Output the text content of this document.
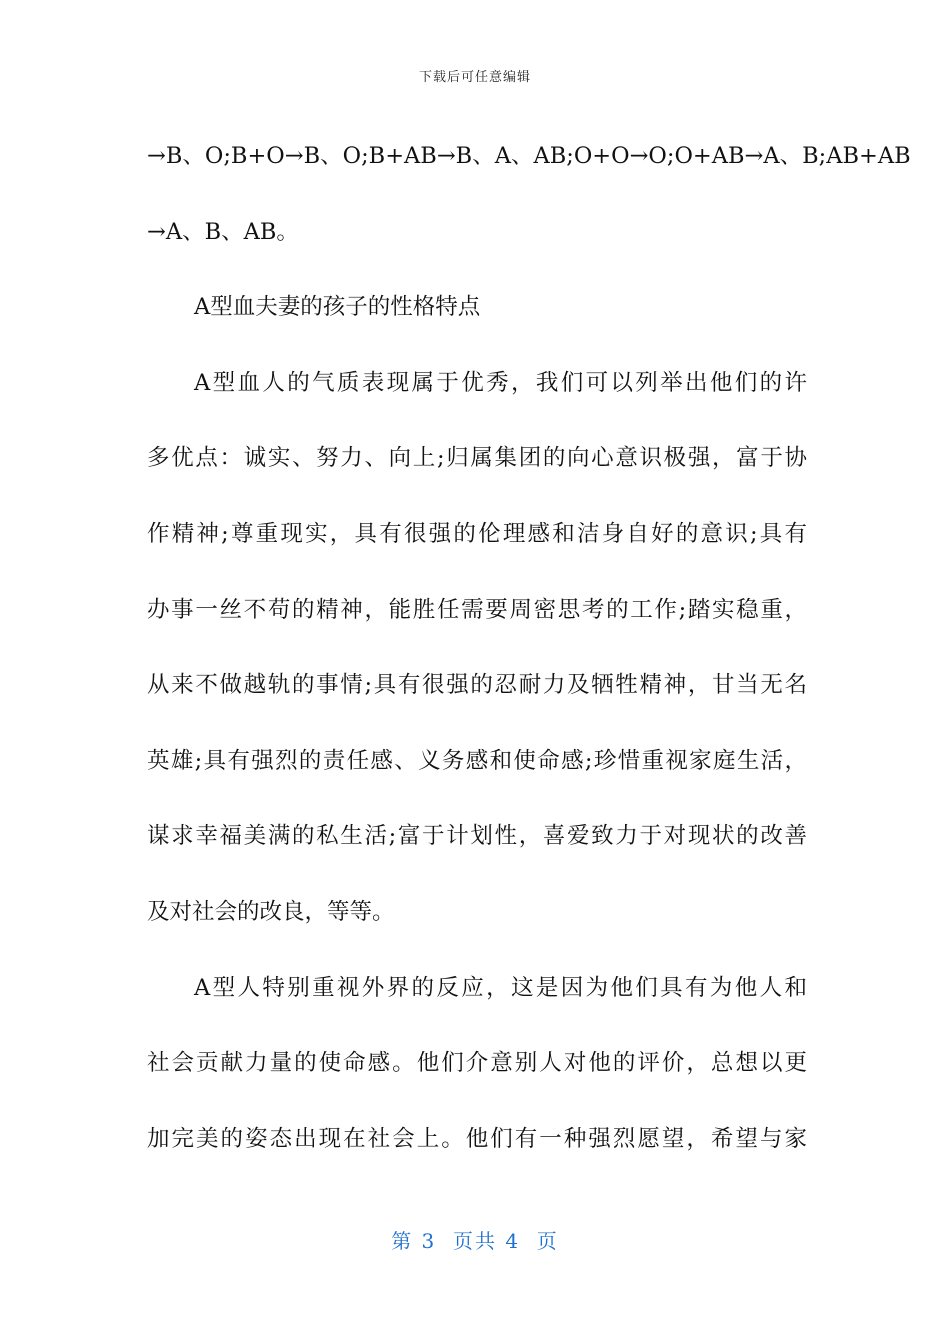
下载后可任意编辑
→B、O;B+O→B、O;B+AB→B、A、AB;O+O→O;O+AB→A、B;AB+AB
→A、B、AB。
A型血夫妻的孩子的性格特点
A型血人的气质表现属于优秀，我们可以列举出他们的许
多优点：诚实、努力、向上;归属集团的向心意识极强，富于协
作精神;尊重现实，具有很强的伦理感和洁身自好的意识;具有
办事一丝不苟的精神，能胜任需要周密思考的工作;踏实稳重，
从来不做越轨的事情;具有很强的忍耐力及牺牲精神，甘当无名
英雄;具有强烈的责任感、义务感和使命感;珍惜重视家庭生活，
谋求幸福美满的私生活;富于计划性，喜爱致力于对现状的改善
及对社会的改良，等等。
A型人特别重视外界的反应，这是因为他们具有为他人和
社会贡献力量的使命感。他们介意别人对他的评价，总想以更
加完美的姿态出现在社会上。他们有一种强烈愿望，希望与家
第 3  页共 4  页
